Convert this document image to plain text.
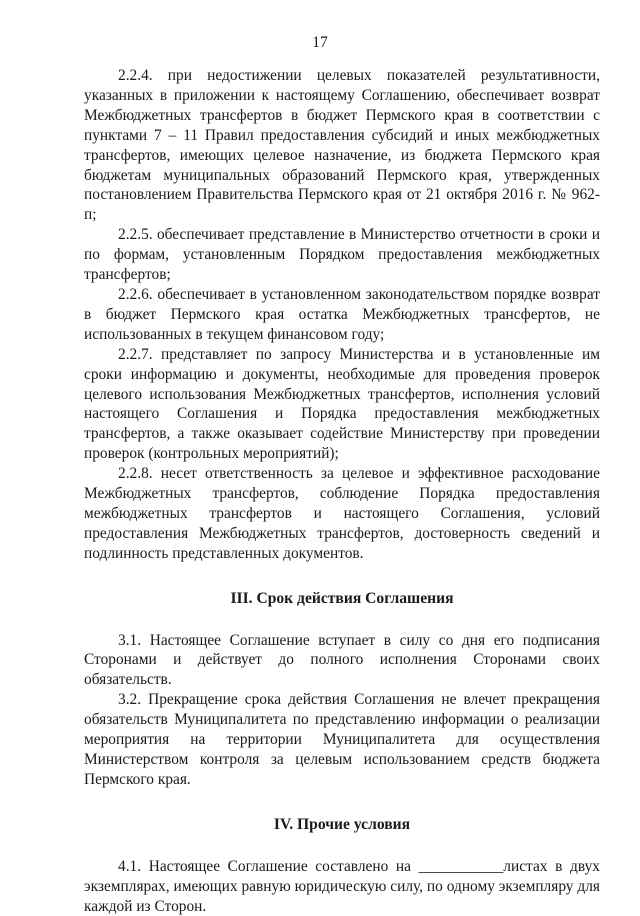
17

2.2.4. при недостижении целевых показателей результативности, указанных в приложении к настоящему Соглашению, обеспечивает возврат Межбюджетных трансфертов в бюджет Пермского края в соответствии с пунктами 7 – 11 Правил предоставления субсидий и иных межбюджетных трансфертов, имеющих целевое назначение, из бюджета Пермского края бюджетам муниципальных образований Пермского края, утвержденных постановлением Правительства Пермского края от 21 октября 2016 г. № 962-п;

2.2.5. обеспечивает представление в Министерство отчетности в сроки и по формам, установленным Порядком предоставления межбюджетных трансфертов;

2.2.6. обеспечивает в установленном законодательством порядке возврат в бюджет Пермского края остатка Межбюджетных трансфертов, не использованных в текущем финансовом году;

2.2.7. представляет по запросу Министерства и в установленные им сроки информацию и документы, необходимые для проведения проверок целевого использования Межбюджетных трансфертов, исполнения условий настоящего Соглашения и Порядка предоставления межбюджетных трансфертов, а также оказывает содействие Министерству при проведении проверок (контрольных мероприятий);

2.2.8. несет ответственность за целевое и эффективное расходование Межбюджетных трансфертов, соблюдение Порядка предоставления межбюджетных трансфертов и настоящего Соглашения, условий предоставления Межбюджетных трансфертов, достоверность сведений и подлинность представленных документов.

III. Срок действия Соглашения

3.1. Настоящее Соглашение вступает в силу со дня его подписания Сторонами и действует до полного исполнения Сторонами своих обязательств.

3.2. Прекращение срока действия Соглашения не влечет прекращения обязательств Муниципалитета по представлению информации о реализации мероприятия на территории Муниципалитета для осуществления Министерством контроля за целевым использованием средств бюджета Пермского края.

IV. Прочие условия

4.1. Настоящее Соглашение составлено на ___________листах в двух экземплярах, имеющих равную юридическую силу, по одному экземпляру для каждой из Сторон.
